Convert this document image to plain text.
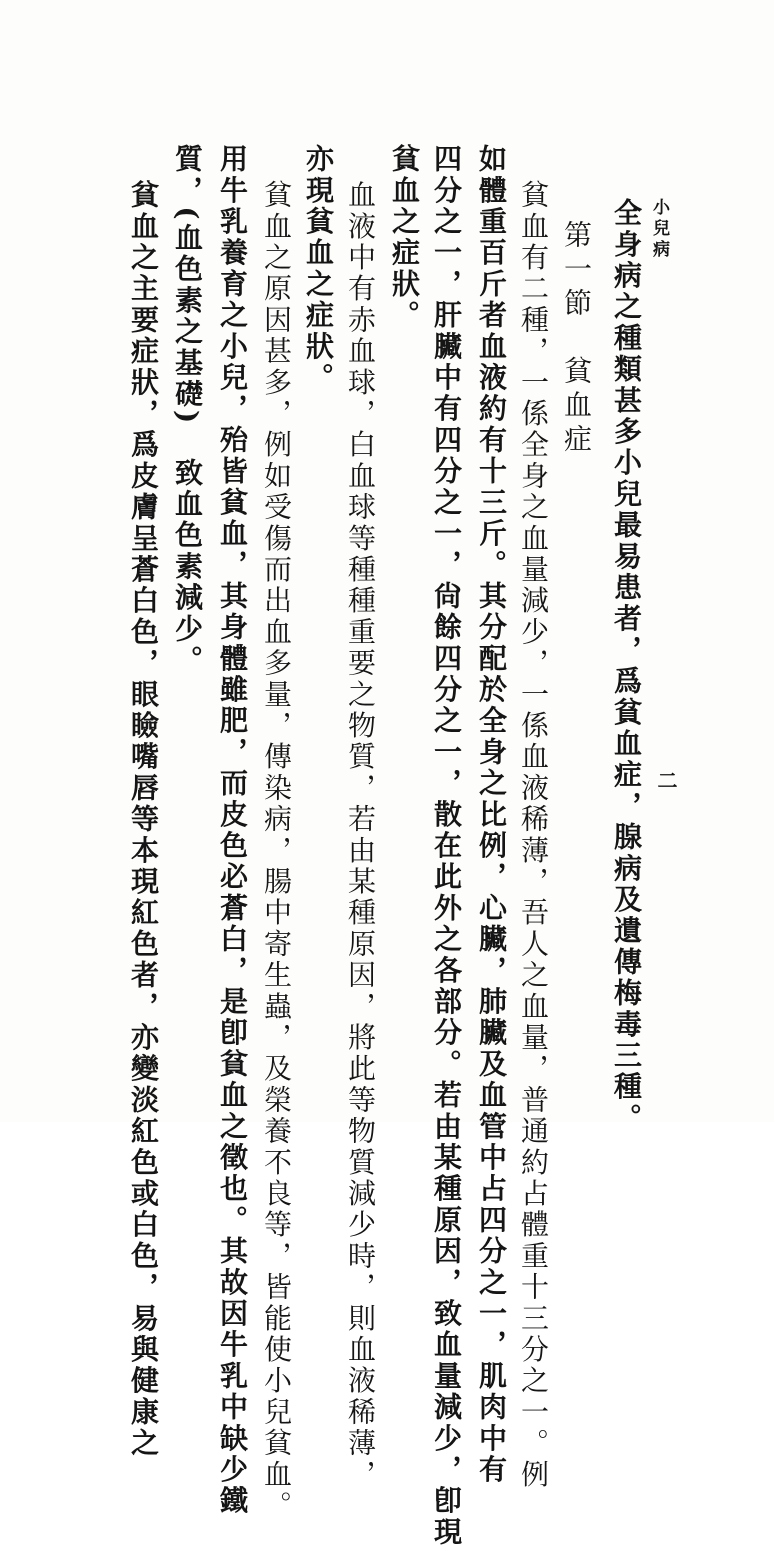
小兒病
二
全身病之種類甚多小兒最易患者，爲貧血症，腺病及遺傳梅毒三種。
第一節　貧血症
貧血有二種，一係全身之血量減少，一係血液稀薄，吾人之血量，普通約占體重十三分之一。例
如體重百斤者血液約有十三斤。其分配於全身之比例，心臟，肺臟及血管中占四分之一，肌肉中有
四分之一，肝臟中有四分之一，尙餘四分之一，散在此外之各部分。若由某種原因，致血量減少，卽現
貧血之症狀。
血液中有赤血球，白血球等種種重要之物質，若由某種原因，將此等物質減少時，則血液稀薄，
亦現貧血之症狀。
貧血之原因甚多，例如受傷而出血多量，傳染病，腸中寄生蟲，及榮養不良等，皆能使小兒貧血。
用牛乳養育之小兒，殆皆貧血，其身體雖肥，而皮色必蒼白，是卽貧血之徵也。其故因牛乳中缺少鐵
質，(血色素之基礎)　致血色素減少。
貧血之主要症狀，爲皮膚呈蒼白色，眼瞼嘴唇等本現紅色者，亦變淡紅色或白色，易與健康之
